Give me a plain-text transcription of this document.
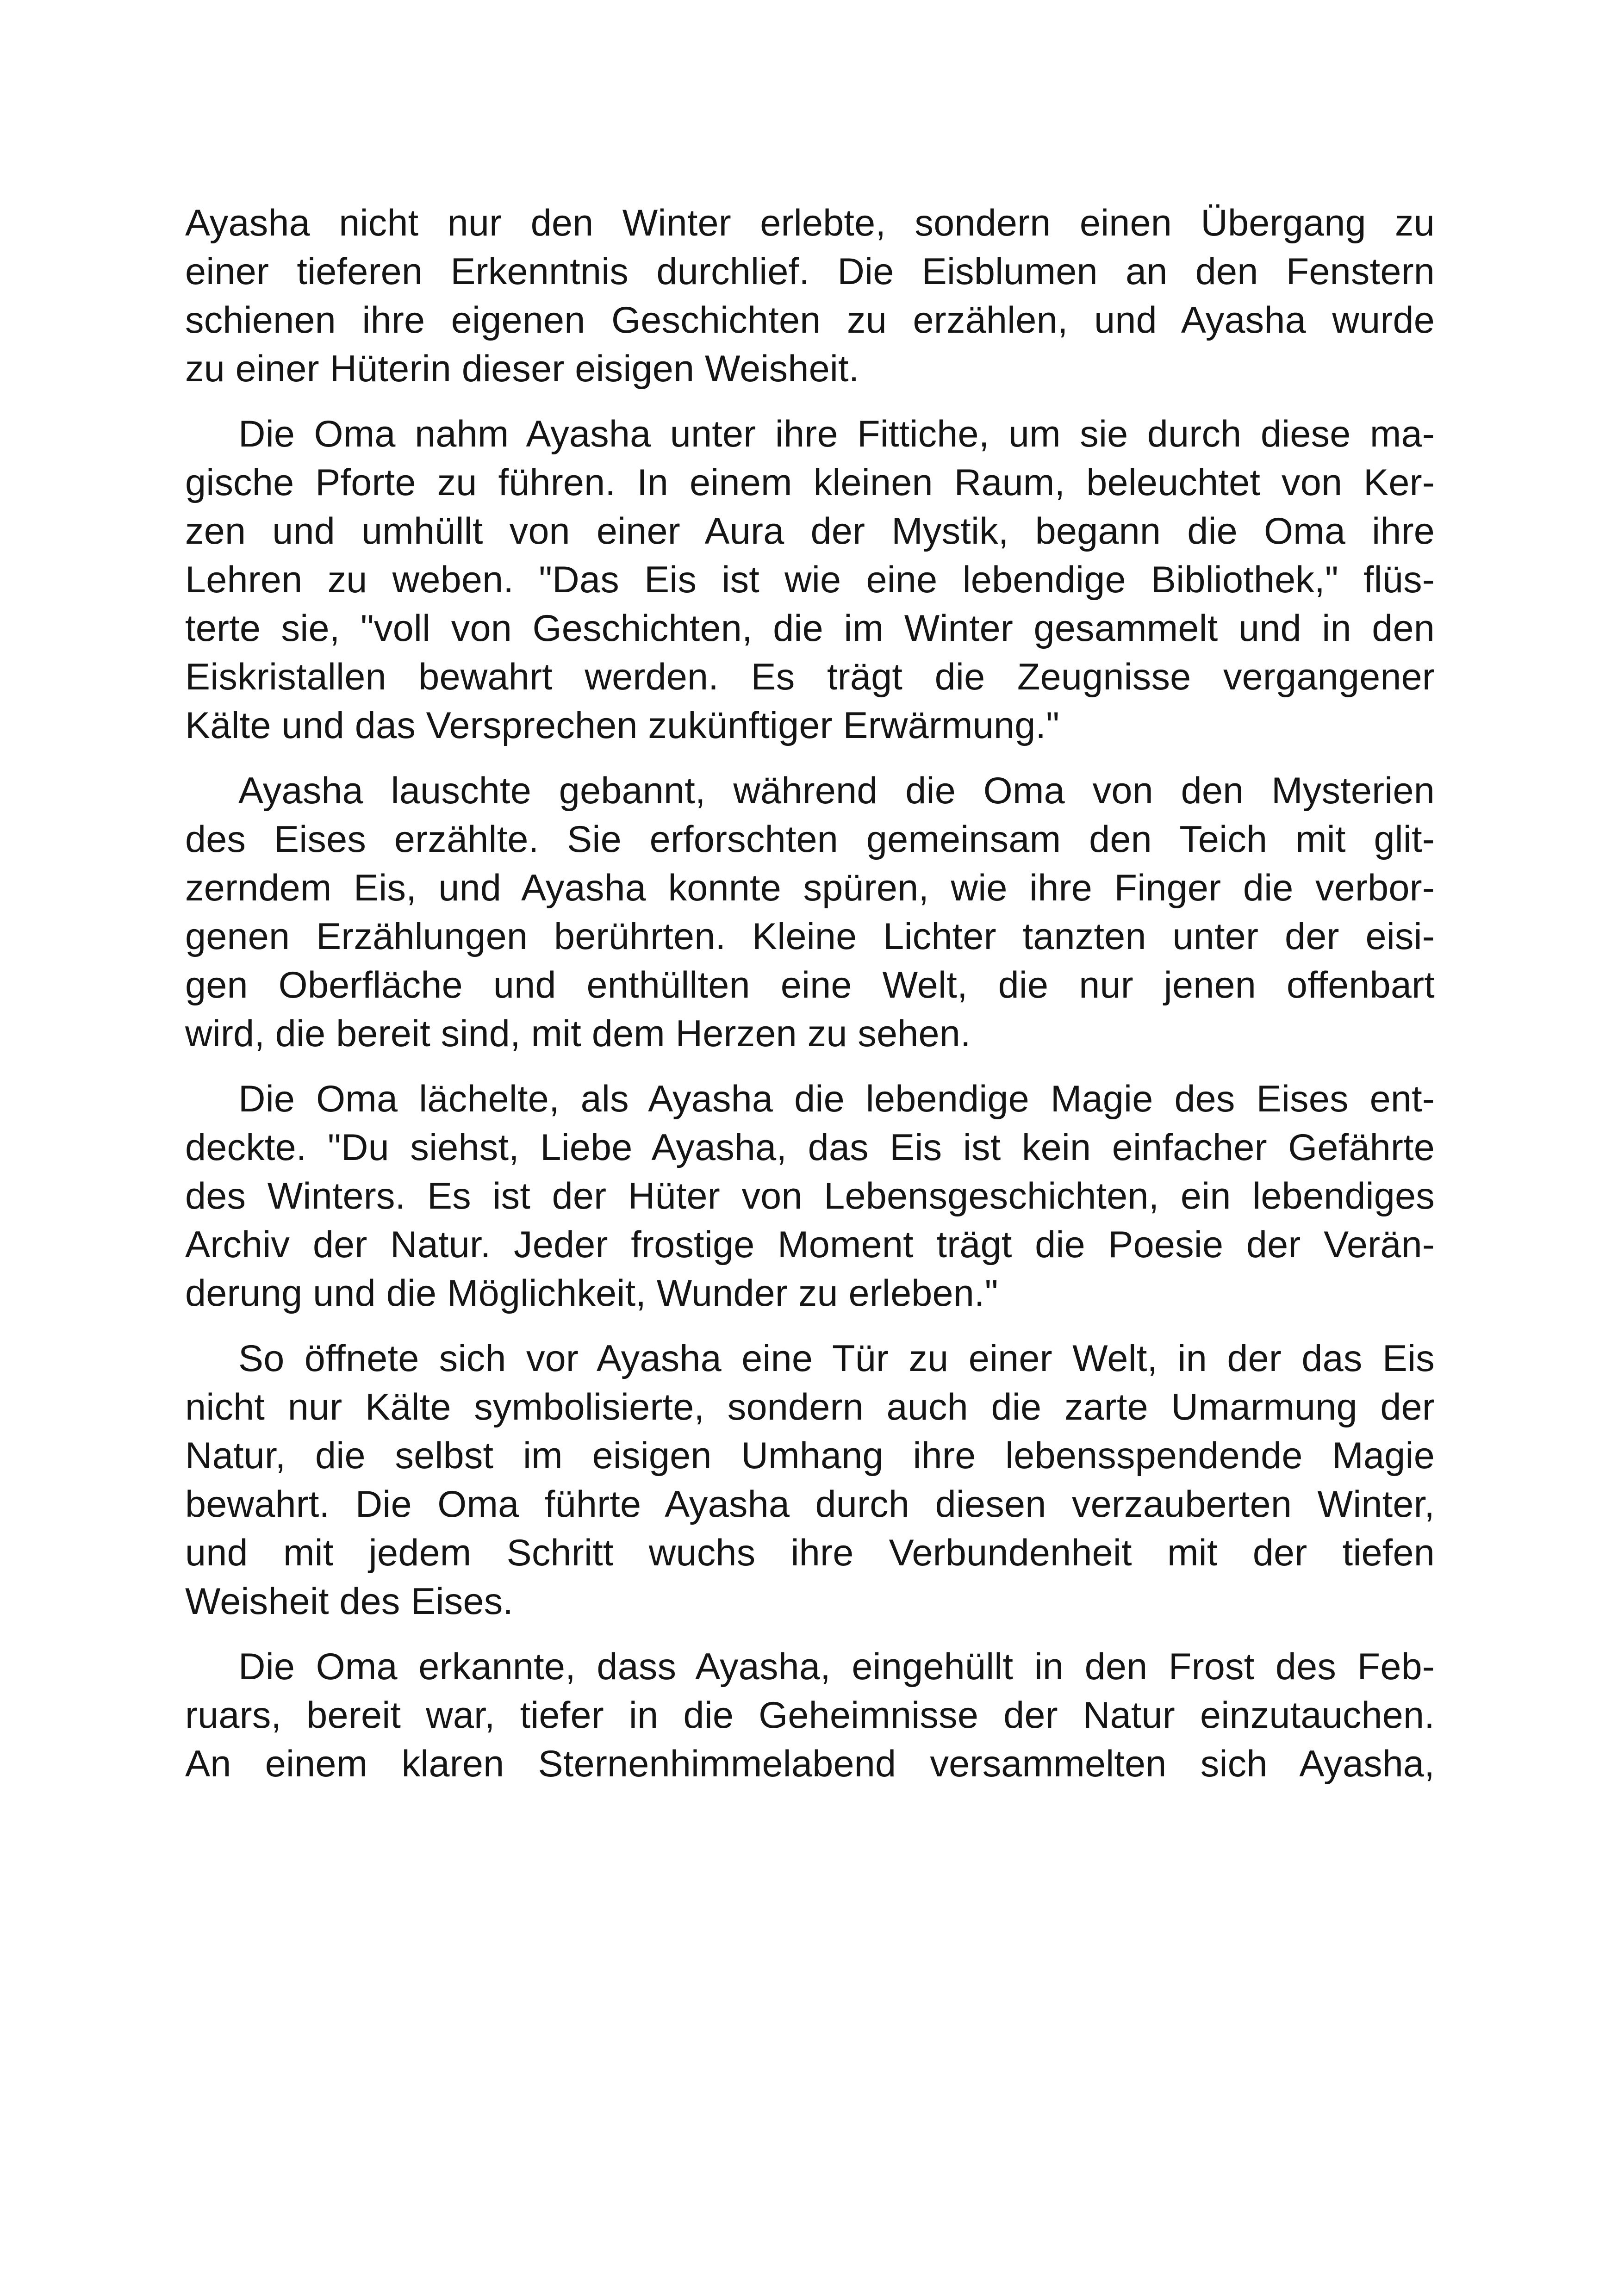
Ayasha nicht nur den Winter erlebte, sondern einen Übergang zu
einer tieferen Erkenntnis durchlief. Die Eisblumen an den Fenstern
schienen ihre eigenen Geschichten zu erzählen, und Ayasha wurde
zu einer Hüterin dieser eisigen Weisheit.

Die Oma nahm Ayasha unter ihre Fittiche, um sie durch diese ma-
gische Pforte zu führen. In einem kleinen Raum, beleuchtet von Ker-
zen und umhüllt von einer Aura der Mystik, begann die Oma ihre
Lehren zu weben. "Das Eis ist wie eine lebendige Bibliothek," flüs-
terte sie, "voll von Geschichten, die im Winter gesammelt und in den
Eiskristallen bewahrt werden. Es trägt die Zeugnisse vergangener
Kälte und das Versprechen zukünftiger Erwärmung."

Ayasha lauschte gebannt, während die Oma von den Mysterien
des Eises erzählte. Sie erforschten gemeinsam den Teich mit glit-
zerndem Eis, und Ayasha konnte spüren, wie ihre Finger die verbor-
genen Erzählungen berührten. Kleine Lichter tanzten unter der eisi-
gen Oberfläche und enthüllten eine Welt, die nur jenen offenbart
wird, die bereit sind, mit dem Herzen zu sehen.

Die Oma lächelte, als Ayasha die lebendige Magie des Eises ent-
deckte. "Du siehst, Liebe Ayasha, das Eis ist kein einfacher Gefährte
des Winters. Es ist der Hüter von Lebensgeschichten, ein lebendiges
Archiv der Natur. Jeder frostige Moment trägt die Poesie der Verän-
derung und die Möglichkeit, Wunder zu erleben."

So öffnete sich vor Ayasha eine Tür zu einer Welt, in der das Eis
nicht nur Kälte symbolisierte, sondern auch die zarte Umarmung der
Natur, die selbst im eisigen Umhang ihre lebensspendende Magie
bewahrt. Die Oma führte Ayasha durch diesen verzauberten Winter,
und mit jedem Schritt wuchs ihre Verbundenheit mit der tiefen
Weisheit des Eises.

Die Oma erkannte, dass Ayasha, eingehüllt in den Frost des Feb-
ruars, bereit war, tiefer in die Geheimnisse der Natur einzutauchen.
An einem klaren Sternenhimmelabend versammelten sich Ayasha,
